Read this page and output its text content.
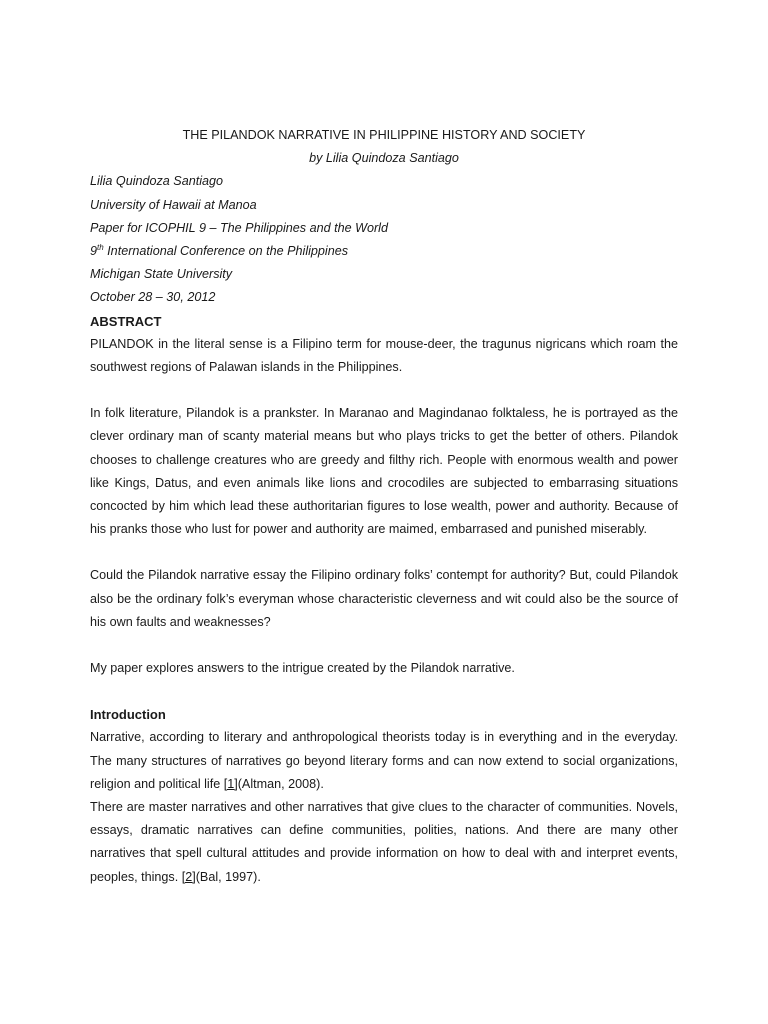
THE PILANDOK NARRATIVE IN PHILIPPINE HISTORY AND SOCIETY

by Lilia Quindoza Santiago

Lilia Quindoza Santiago

University of Hawaii at Manoa

Paper for ICOPHIL 9 – The Philippines and the World

9th International Conference on the Philippines

Michigan State University

October 28 – 30, 2012

ABSTRACT

PILANDOK in the literal sense is a Filipino term for mouse-deer, the tragunus nigricans which roam the southwest regions of Palawan islands in the Philippines.

In folk literature, Pilandok is a prankster. In Maranao and Magindanao folktaless, he is portrayed as the clever ordinary man of scanty material means but who plays tricks to get the better of others. Pilandok chooses to challenge creatures who are greedy and filthy rich. People with enormous wealth and power like Kings, Datus, and even animals like lions and crocodiles are subjected to embarrasing situations concocted by him which lead these authoritarian figures to lose wealth, power and authority. Because of his pranks those who lust for power and authority are maimed, embarrased and punished miserably.

Could the Pilandok narrative essay the Filipino ordinary folks’ contempt for authority? But, could Pilandok also be the ordinary folk’s everyman whose characteristic cleverness and wit could also be the source of his own faults and weaknesses?

My paper explores answers to the intrigue created by the Pilandok narrative.

Introduction

Narrative, according to literary and anthropological theorists today is in everything and in the everyday. The many structures of narratives go beyond literary forms and can now extend to social organizations, religion and political life [1](Altman, 2008).

There are master narratives and other narratives that give clues to the character of communities. Novels, essays, dramatic narratives can define communities, polities, nations. And there are many other narratives that spell cultural attitudes and provide information on how to deal with and interpret events, peoples, things. [2](Bal, 1997).
